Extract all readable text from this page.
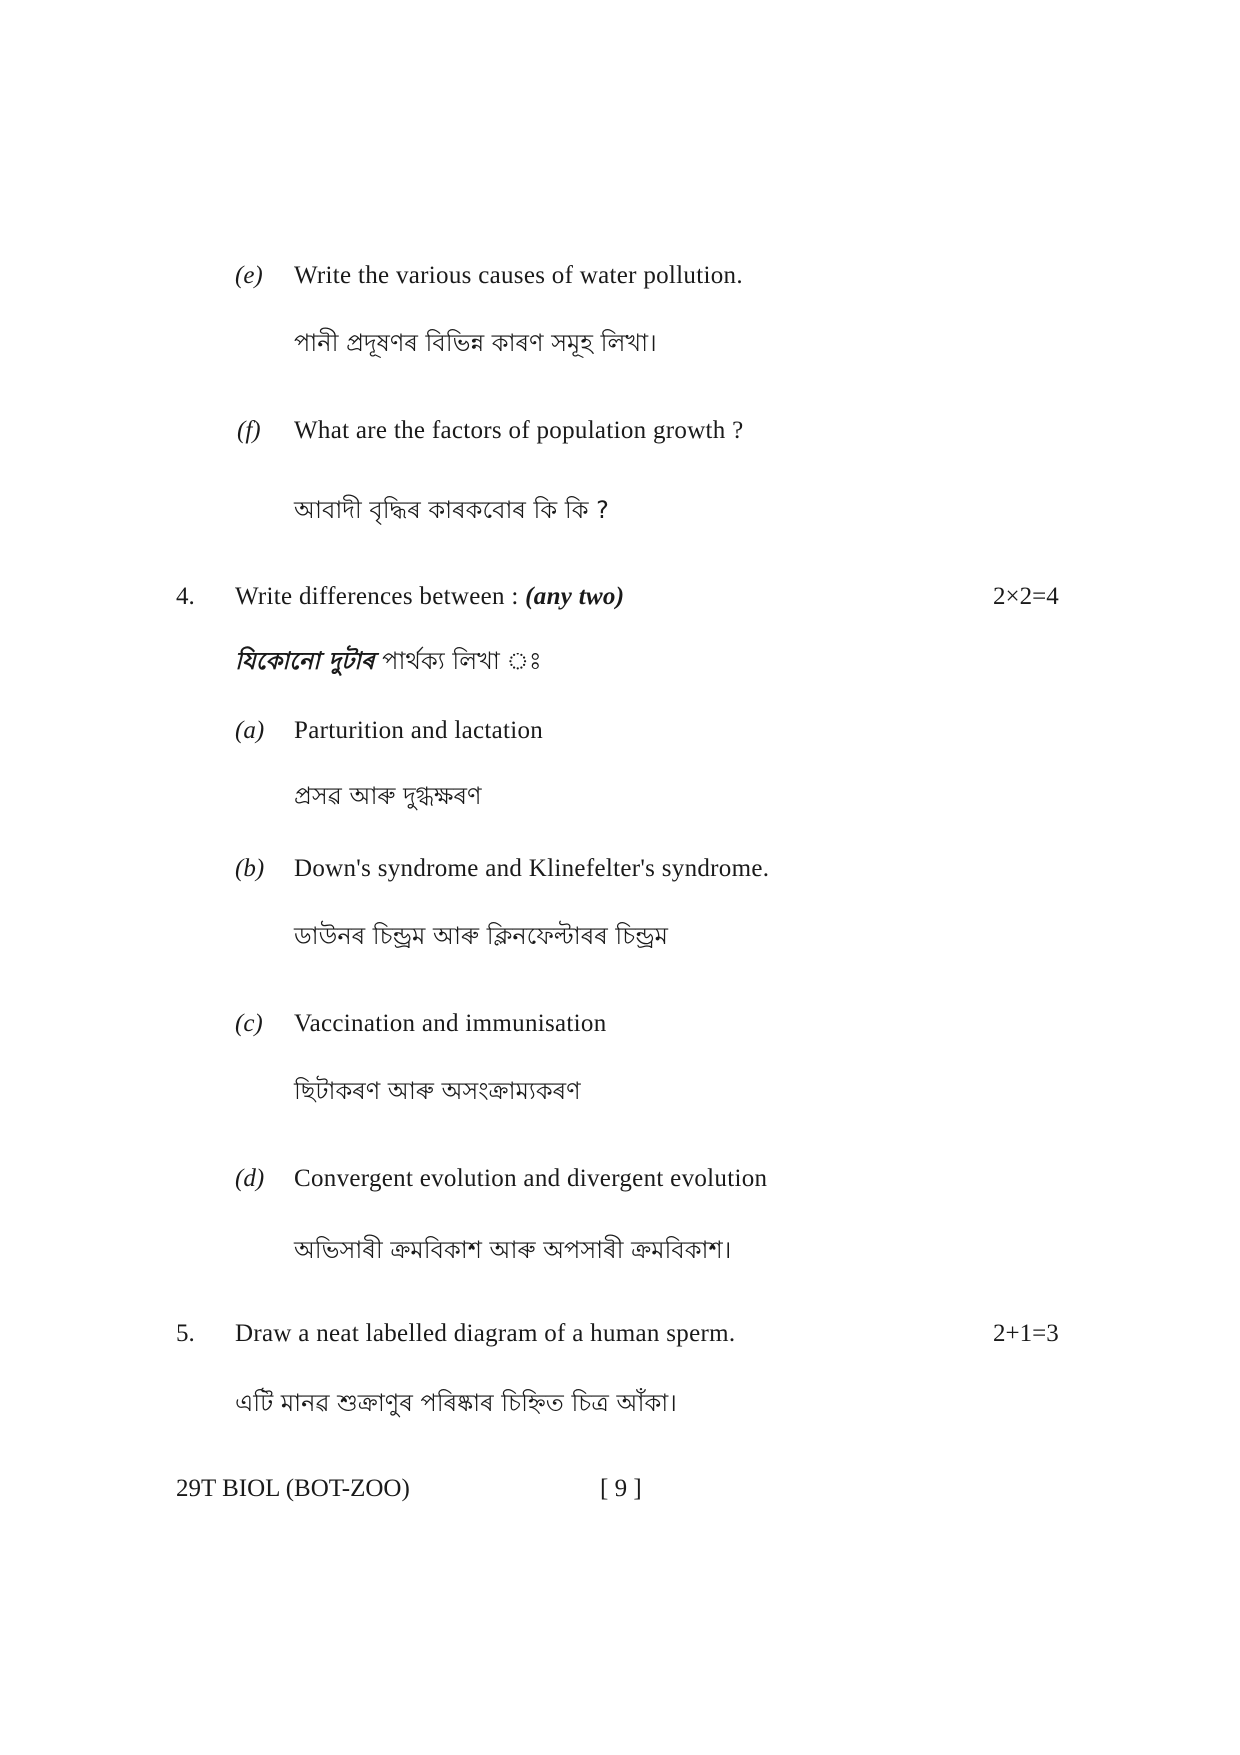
(e) Write the various causes of water pollution.
পানী প্ৰদূষণৰ বিভিন্ন কাৰণ সমূহ লিখা।
(f) What are the factors of population growth ?
আবাদী বৃদ্ধিৰ কাৰকবোৰ কি কি ?
4. Write differences between : (any two)	2×2=4
যিকোনো দুটাৰ পাৰ্থক্য লিখা ঃ
(a) Parturition and lactation
প্ৰসৱ আৰু দুগ্ধক্ষৰণ
(b) Down's syndrome and Klinefelter's syndrome.
ডাউনৰ চিন্ড্ৰম আৰু ক্লিনফেল্টাৰৰ চিন্ড্ৰম
(c) Vaccination and immunisation
ছিটাকৰণ আৰু অসংক্ৰাম্যকৰণ
(d) Convergent evolution and divergent evolution
অভিসাৰী ক্ৰমবিকাশ আৰু অপসাৰী ক্ৰমবিকাশ।
5. Draw a neat labelled diagram of a human sperm.	2+1=3
এটি মানৱ শুক্ৰাণুৰ পৰিষ্কাৰ চিহ্নিত চিত্ৰ আঁকা।
29T BIOL (BOT-ZOO)	[ 9 ]
